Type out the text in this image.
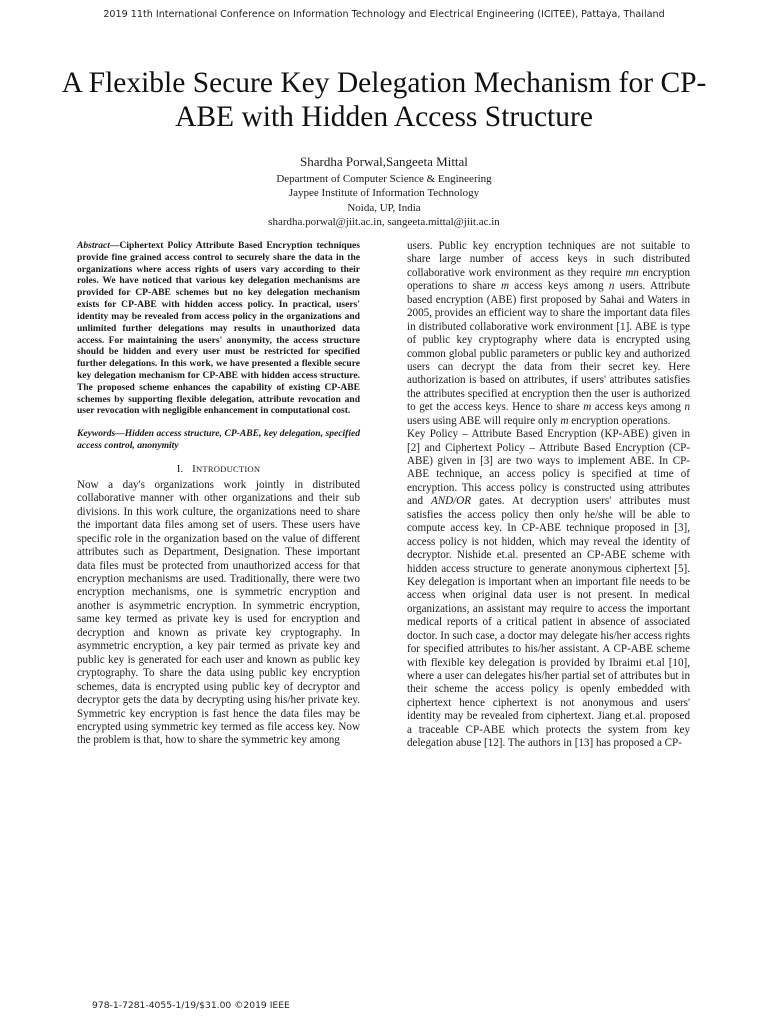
2019 11th International Conference on Information Technology and Electrical Engineering (ICITEE), Pattaya, Thailand
A Flexible Secure Key Delegation Mechanism for CP-ABE with Hidden Access Structure
Shardha Porwal,Sangeeta Mittal
Department of Computer Science & Engineering
Jaypee Institute of Information Technology
Noida, UP, India
shardha.porwal@jiit.ac.in, sangeeta.mittal@jiit.ac.in

Abstract—Ciphertext Policy Attribute Based Encryption techniques provide fine grained access control to securely share the data in the organizations where access rights of users vary according to their roles. We have noticed that various key delegation mechanisms are provided for CP-ABE schemes but no key delegation mechanism exists for CP-ABE with hidden access policy. In practical, users' identity may be revealed from access policy in the organizations and unlimited further delegations may results in unauthorized data access. For maintaining the users' anonymity, the access structure should be hidden and every user must be restricted for specified further delegations. In this work, we have presented a flexible secure key delegation mechanism for CP-ABE with hidden access structure. The proposed scheme enhances the capability of existing CP-ABE schemes by supporting flexible delegation, attribute revocation and user revocation with negligible enhancement in computational cost.

Keywords—Hidden access structure, CP-ABE, key delegation, specified access control, anonymity

I. INTRODUCTION

Now a day's organizations work jointly in distributed collaborative manner with other organizations and their sub divisions. In this work culture, the organizations need to share the important data files among set of users. These users have specific role in the organization based on the value of different attributes such as Department, Designation. These important data files must be protected from unauthorized access for that encryption mechanisms are used. Traditionally, there were two encryption mechanisms, one is symmetric encryption and another is asymmetric encryption. In symmetric encryption, same key termed as private key is used for encryption and decryption and known as private key cryptography. In asymmetric encryption, a key pair termed as private key and public key is generated for each user and known as public key cryptography. To share the data using public key encryption schemes, data is encrypted using public key of decryptor and decryptor gets the data by decrypting using his/her private key. Symmetric key encryption is fast hence the data files may be encrypted using symmetric key termed as file access key. Now the problem is that, how to share the symmetric key among

users. Public key encryption techniques are not suitable to share large number of access keys in such distributed collaborative work environment as they require mn encryption operations to share m access keys among n users. Attribute based encryption (ABE) first proposed by Sahai and Waters in 2005, provides an efficient way to share the important data files in distributed collaborative work environment [1]. ABE is type of public key cryptography where data is encrypted using common global public parameters or public key and authorized users can decrypt the data from their secret key. Here authorization is based on attributes, if users' attributes satisfies the attributes specified at encryption then the user is authorized to get the access keys. Hence to share m access keys among n users using ABE will require only m encryption operations.

Key Policy – Attribute Based Encryption (KP-ABE) given in [2] and Ciphertext Policy – Attribute Based Encryption (CP-ABE) given in [3] are two ways to implement ABE. In CP-ABE technique, an access policy is specified at time of encryption. This access policy is constructed using attributes and AND/OR gates. At decryption users' attributes must satisfies the access policy then only he/she will be able to compute access key. In CP-ABE technique proposed in [3], access policy is not hidden, which may reveal the identity of decryptor. Nishide et.al. presented an CP-ABE scheme with hidden access structure to generate anonymous ciphertext [5]. Key delegation is important when an important file needs to be access when original data user is not present. In medical organizations, an assistant may require to access the important medical reports of a critical patient in absence of associated doctor. In such case, a doctor may delegate his/her access rights for specified attributes to his/her assistant. A CP-ABE scheme with flexible key delegation is provided by Ibraimi et.al [10], where a user can delegates his/her partial set of attributes but in their scheme the access policy is openly embedded with ciphertext hence ciphertext is not anonymous and users' identity may be revealed from ciphertext. Jiang et.al. proposed a traceable CP-ABE which protects the system from key delegation abuse [12]. The authors in [13] has proposed a CP-

978-1-7281-4055-1/19/$31.00 ©2019 IEEE
